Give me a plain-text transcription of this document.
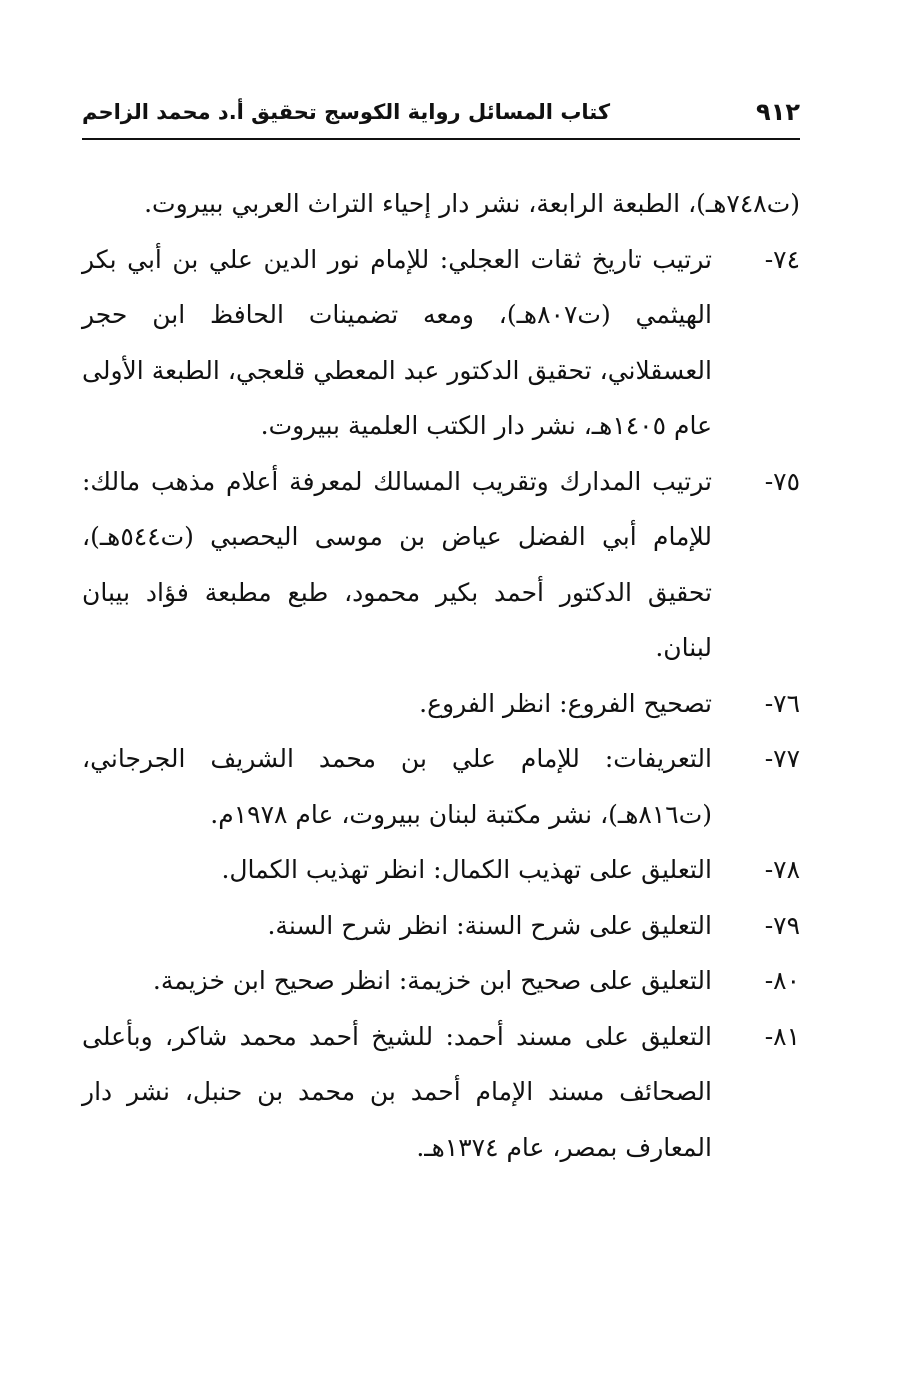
٩١٢
كتاب المسائل رواية الكوسج تحقيق أ.د محمد الزاحم

(ت٧٤٨هـ)، الطبعة الرابعة، نشر دار إحياء التراث العربي ببيروت.

٧٤-
ترتيب تاريخ ثقات العجلي: للإمام نور الدين علي بن أبي بكر الهيثمي (ت٨٠٧هـ)، ومعه تضمينات الحافظ ابن حجر العسقلاني، تحقيق الدكتور عبد المعطي قلعجي، الطبعة الأولى عام ١٤٠٥هـ، نشر دار الكتب العلمية ببيروت.
٧٥-
ترتيب المدارك وتقريب المسالك لمعرفة أعلام مذهب مالك: للإمام أبي الفضل عياض بن موسى اليحصبي (ت٥٤٤هـ)، تحقيق الدكتور أحمد بكير محمود، طبع مطبعة فؤاد بيبان لبنان.
٧٦-
تصحيح الفروع: انظر الفروع.
٧٧-
التعريفات: للإمام علي بن محمد الشريف الجرجاني، (ت٨١٦هـ)، نشر مكتبة لبنان ببيروت، عام ١٩٧٨م.
٧٨-
التعليق على تهذيب الكمال: انظر تهذيب الكمال.
٧٩-
التعليق على شرح السنة: انظر شرح السنة.
٨٠-
التعليق على صحيح ابن خزيمة: انظر صحيح ابن خزيمة.
٨١-
التعليق على مسند أحمد: للشيخ أحمد محمد شاكر، وبأعلى الصحائف مسند الإمام أحمد بن محمد بن حنبل، نشر دار المعارف بمصر، عام ١٣٧٤هـ.
